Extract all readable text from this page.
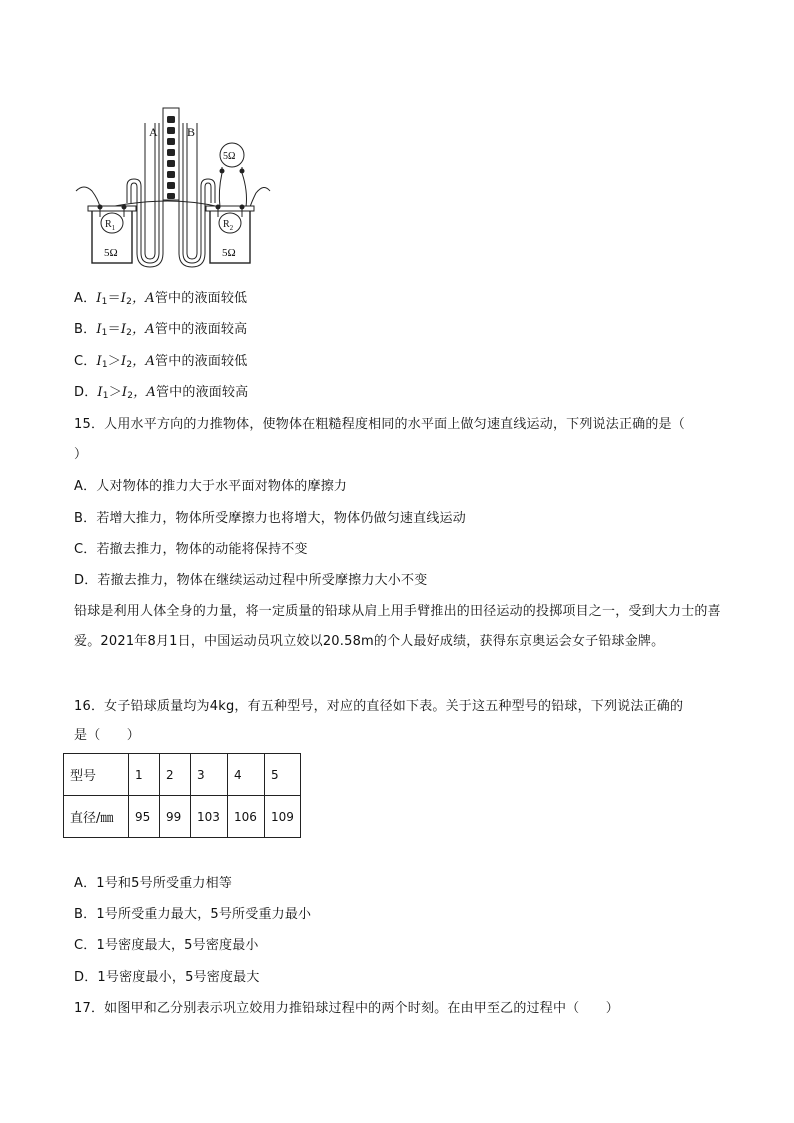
A B
5Ω
$R_1$
5Ω
$R_2$
5Ω
A．$I_1=I_2$，A管中的液面较低
B．$I_1=I_2$，A管中的液面较高
C．$I_1>I_2$，A管中的液面较低
D．$I_1>I_2$，A管中的液面较高
15．人用水平方向的力推物体，使物体在粗糙程度相同的水平面上做匀速直线运动，下列说法正确的是（
）
A．人对物体的推力大于水平面对物体的摩擦力
B．若增大推力，物体所受摩擦力也将增大，物体仍做匀速直线运动
C．若撤去推力，物体的动能将保持不变
D．若撤去推力，物体在继续运动过程中所受摩擦力大小不变
铅球是利用人体全身的力量，将一定质量的铅球从肩上用手臂推出的田径运动的投掷项目之一，受到大力士的喜爱。2021年8月1日，中国运动员巩立姣以20.58m的个人最好成绩，获得东京奥运会女子铅球金牌。
16．女子铅球质量均为4kg，有五种型号，对应的直径如下表。关于这五种型号的铅球，下列说法正确的
是（　　）
型号	1	2	3	4	5
直径/㎜	95	99	103	106	109
A．1号和5号所受重力相等
B．1号所受重力最大，5号所受重力最小
C．1号密度最大，5号密度最小
D．1号密度最小，5号密度最大
17．如图甲和乙分别表示巩立姣用力推铅球过程中的两个时刻。在由甲至乙的过程中（　　）
